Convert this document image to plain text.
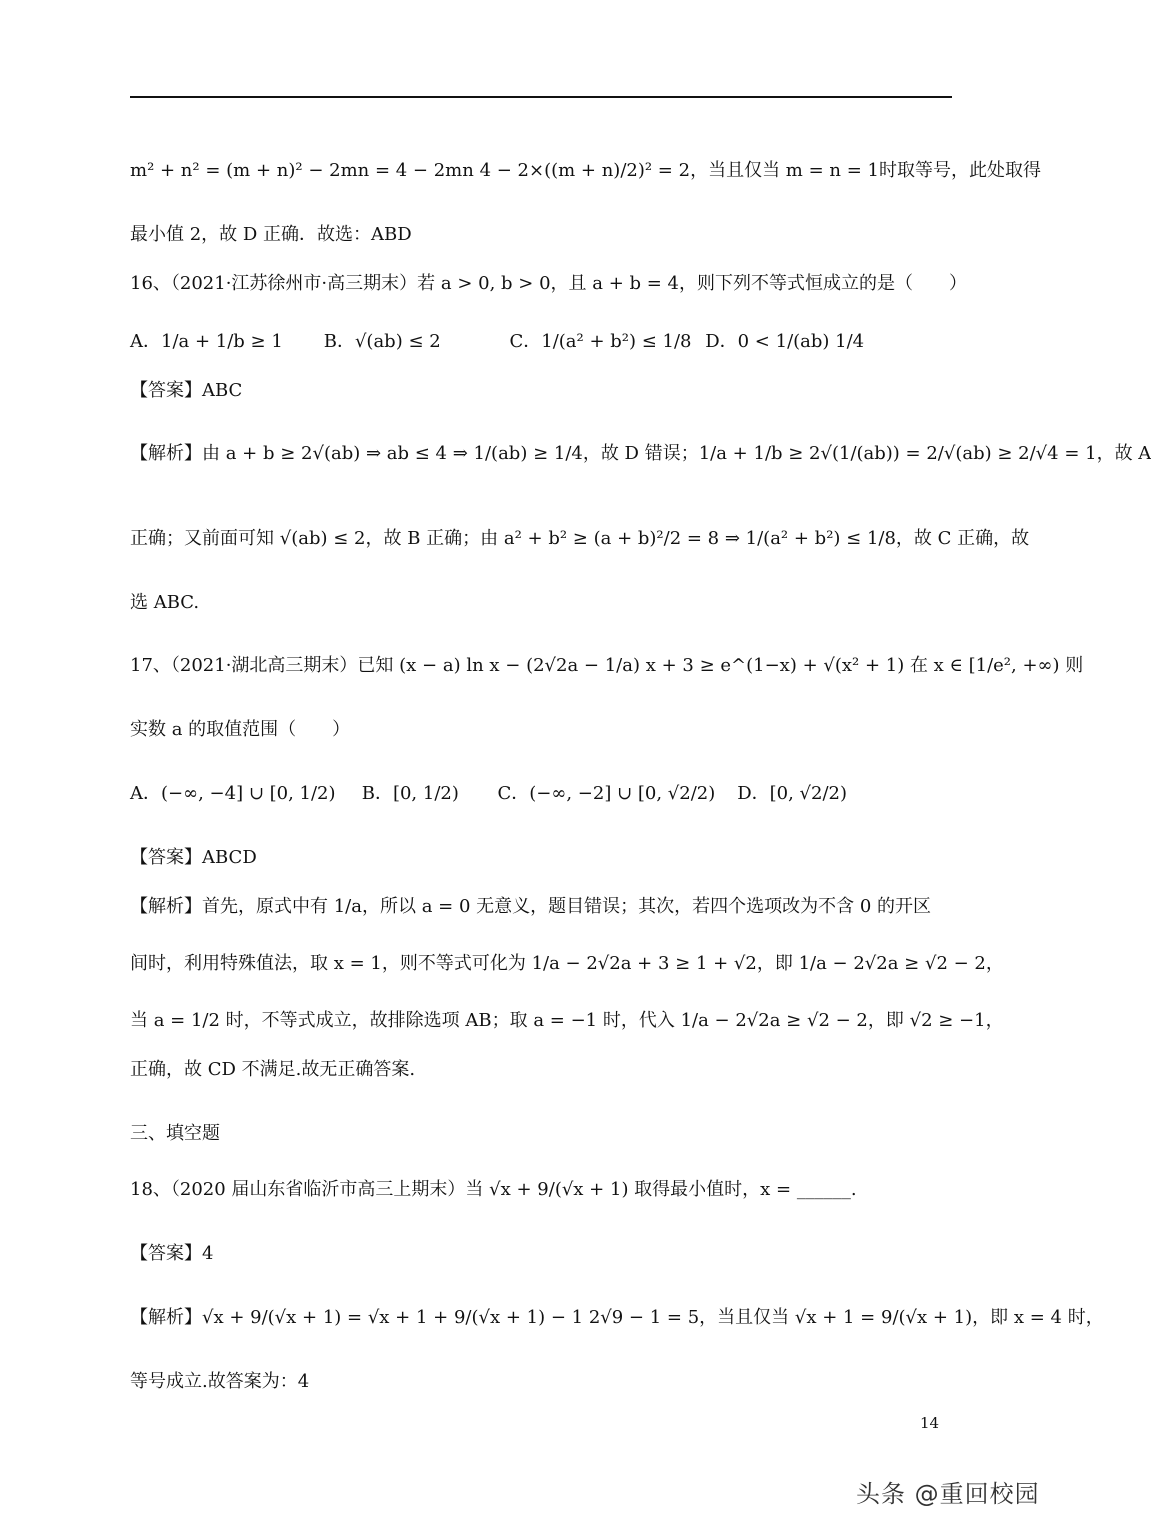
m² + n² = (m + n)² − 2mn = 4 − 2mn 4 − 2×((m + n)/2)² = 2，当且仅当 m = n = 1时取等号，此处取得
最小值 2，故 D 正确．故选：ABD
16、（2021·江苏徐州市·高三期末）若 a > 0, b > 0，且 a + b = 4，则下列不等式恒成立的是（　　）
A．1/a + 1/b ≥ 1 B．√(ab) ≤ 2	C．1/(a² + b²) ≤ 1/8 D．0 < 1/(ab) 1/4
【答案】ABC
【解析】由 a + b ≥ 2√(ab) ⇒ ab ≤ 4 ⇒ 1/(ab) ≥ 1/4，故 D 错误；1/a + 1/b ≥ 2√(1/(ab)) = 2/√(ab) ≥ 2/√4 = 1，故 A
正确；又前面可知 √(ab) ≤ 2，故 B 正确；由 a² + b² ≥ (a + b)²/2 = 8 ⇒ 1/(a² + b²) ≤ 1/8，故 C 正确，故
选 ABC.
17、（2021·湖北高三期末）已知 (x − a) ln x − (2√2a − 1/a) x + 3 ≥ e^(1−x) + √(x² + 1) 在 x ∈ [1/e², +∞) 则
实数 a 的取值范围（　　）
A．(−∞, −4] ∪ [0, 1/2) B．[0, 1/2) C．(−∞, −2] ∪ [0, √2/2) D．[0, √2/2)
【答案】ABCD
【解析】首先，原式中有 1/a，所以 a = 0 无意义，题目错误；其次，若四个选项改为不含 0 的开区
间时，利用特殊值法，取 x = 1，则不等式可化为 1/a − 2√2a + 3 ≥ 1 + √2，即 1/a − 2√2a ≥ √2 − 2，
当 a = 1/2 时，不等式成立，故排除选项 AB；取 a = −1 时，代入 1/a − 2√2a ≥ √2 − 2，即 √2 ≥ −1，
正确，故 CD 不满足.故无正确答案.
三、填空题
18、（2020 届山东省临沂市高三上期末）当 √x + 9/(√x + 1) 取得最小值时，x = ______.
【答案】4
【解析】√x + 9/(√x + 1) = √x + 1 + 9/(√x + 1) − 1 2√9 − 1 = 5，当且仅当 √x + 1 = 9/(√x + 1)，即 x = 4 时，
等号成立.故答案为：4
14
头条 @重回校园
